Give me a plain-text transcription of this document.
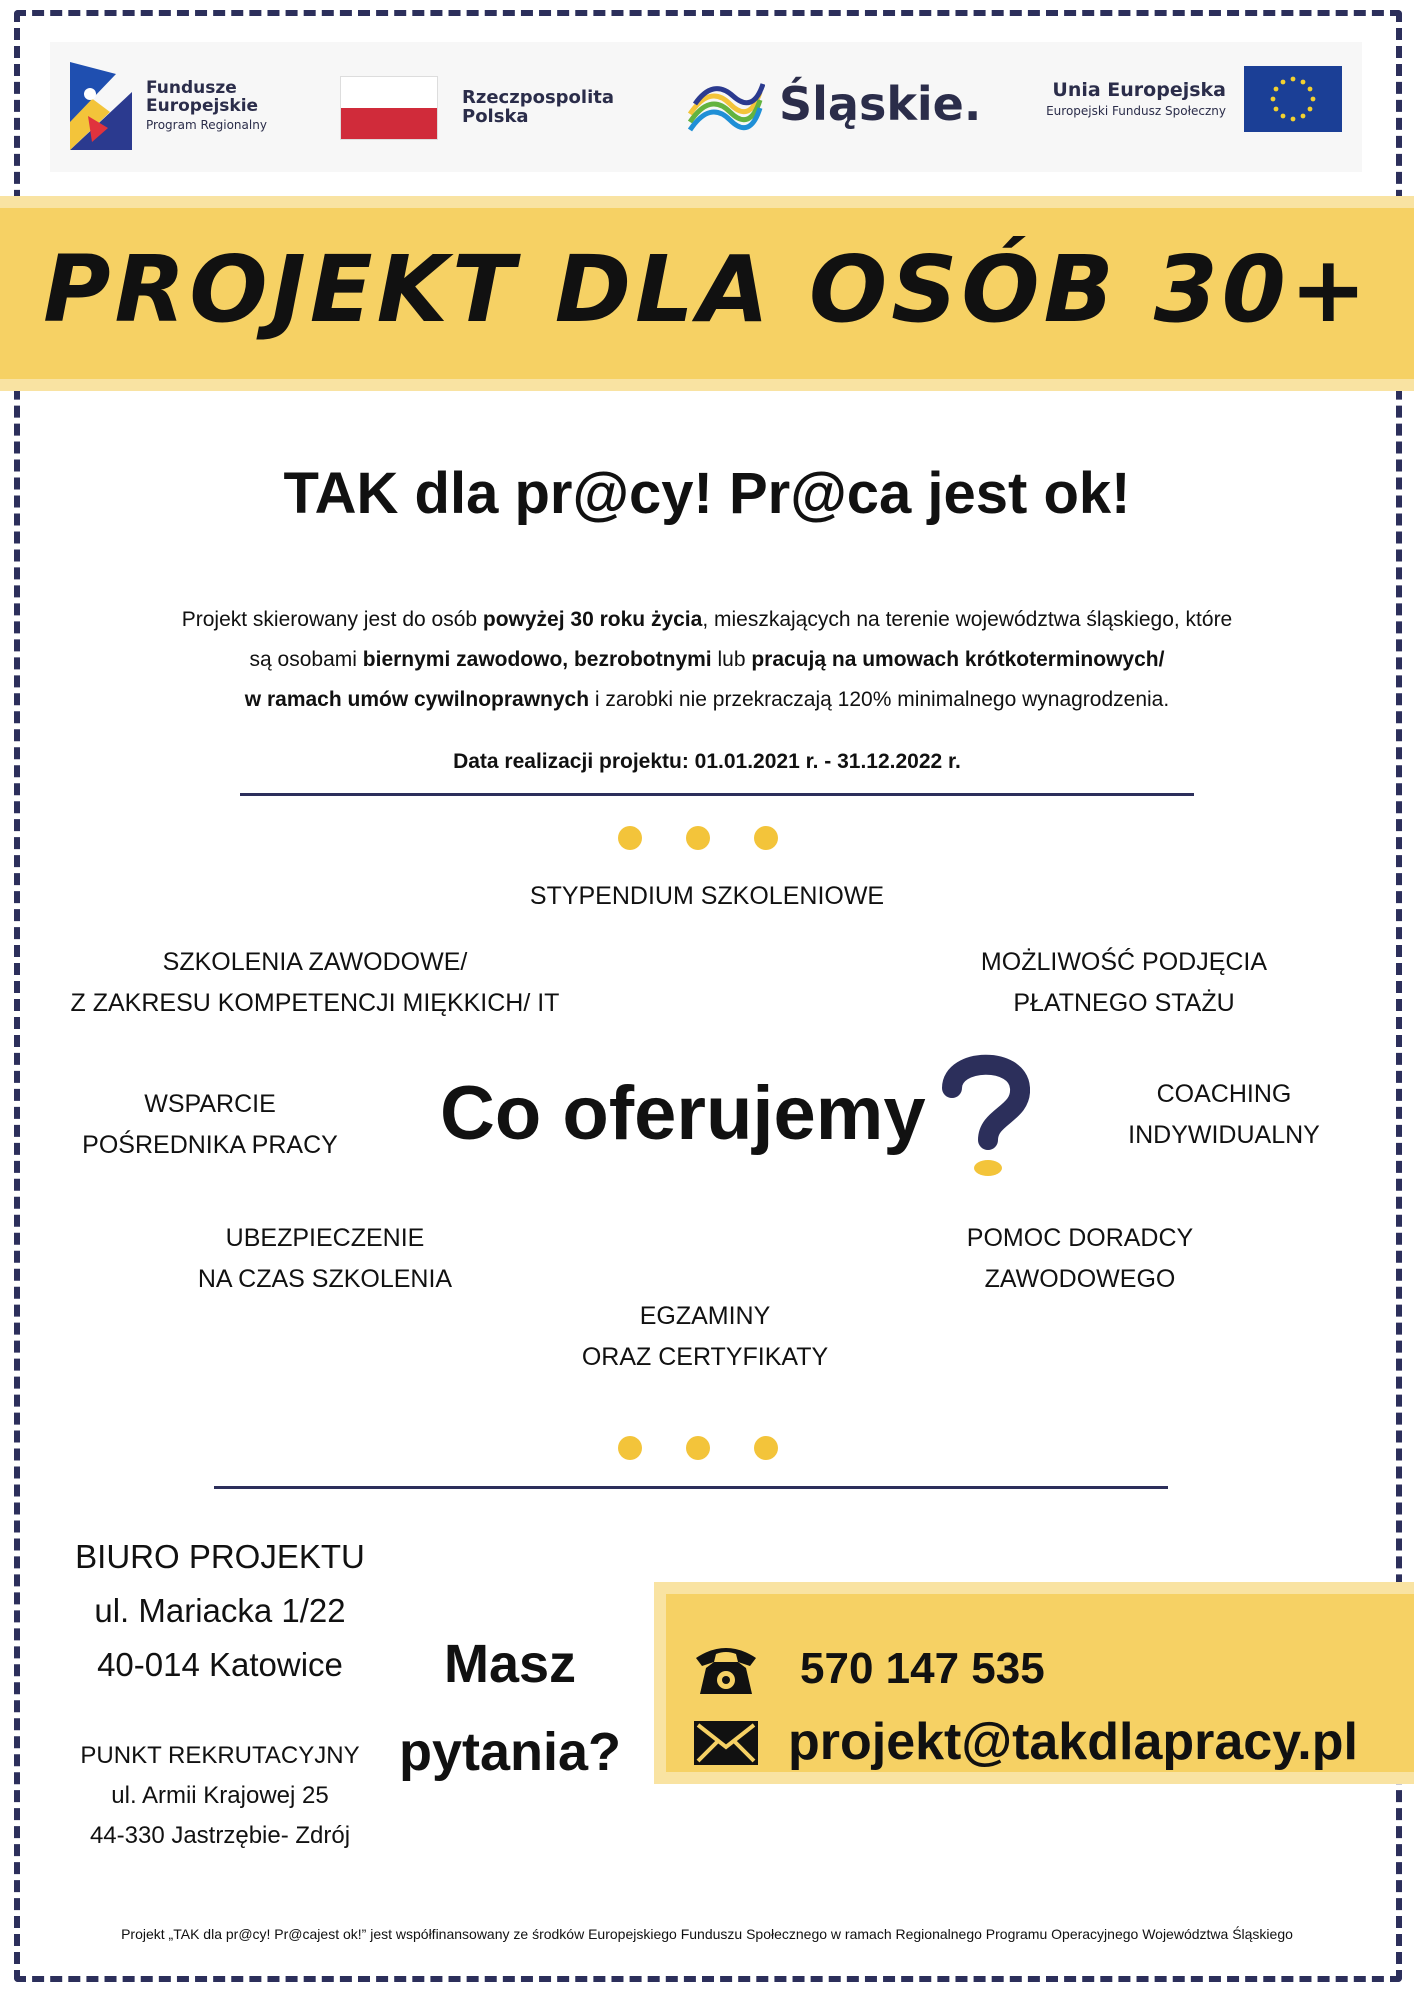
Fundusze
Europejskie
Program Regionalny
Rzeczpospolita
Polska	Śląskie.	Unia Europejska
Europejski Fundusz Społeczny
PROJEKT DLA OSÓB 30+
TAK dla pr@cy! Pr@ca jest ok!
Projekt skierowany jest do osób powyżej 30 roku życia, mieszkających na terenie województwa śląskiego, które
są osobami biernymi zawodowo, bezrobotnymi lub pracują na umowach krótkoterminowych/
w ramach umów cywilnoprawnych i zarobki nie przekraczają 120% minimalnego wynagrodzenia.
Data realizacji projektu: 01.01.2021 r. - 31.12.2022 r.
STYPENDIUM SZKOLENIOWE
SZKOLENIA ZAWODOWE/
Z ZAKRESU KOMPETENCJI MIĘKKICH/ IT
MOŻLIWOŚĆ PODJĘCIA
PŁATNEGO STAŻU
WSPARCIE
POŚREDNIKA PRACY
COACHING
INDYWIDUALNY
UBEZPIECZENIE
NA CZAS SZKOLENIA
POMOC DORADCY
ZAWODOWEGO
EGZAMINY
ORAZ CERTYFIKATY
Co oferujemy
BIURO PROJEKTU
ul. Mariacka 1/22
40-014 Katowice
PUNKT REKRUTACYJNY
ul. Armii Krajowej 25
44-330 Jastrzębie- Zdrój
Masz
pytania?
570 147 535
projekt@takdlapracy.pl
Projekt „TAK dla pr@cy! Pr@cajest ok!” jest współfinansowany ze środków Europejskiego Funduszu Społecznego w ramach Regionalnego Programu Operacyjnego Województwa Śląskiego
